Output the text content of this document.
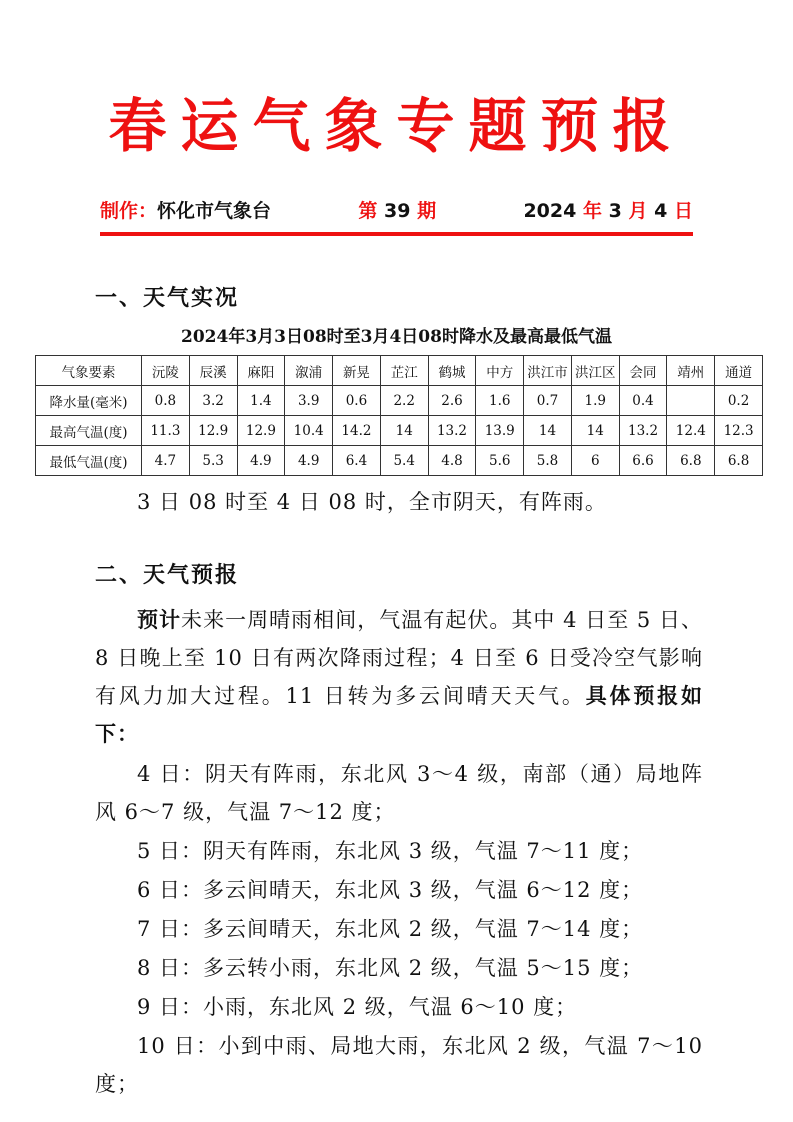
春运气象专题预报
制作：怀化市气象台	第 39 期	2024 年 3 月 4 日
一、天气实况
2024年3月3日08时至3月4日08时降水及最高最低气温
气象要素	沅陵	辰溪	麻阳	溆浦	新晃	芷江	鹤城	中方	洪江市	洪江区	会同	靖州	通道
降水量(毫米)	0.8	3.2	1.4	3.9	0.6	2.2	2.6	1.6	0.7	1.9	0.4		0.2
最高气温(度)	11.3	12.9	12.9	10.4	14.2	14	13.2	13.9	14	14	13.2	12.4	12.3
最低气温(度)	4.7	5.3	4.9	4.9	6.4	5.4	4.8	5.6	5.8	6	6.6	6.8	6.8
3 日 08 时至 4 日 08 时，全市阴天，有阵雨。
二、天气预报
预计未来一周晴雨相间，气温有起伏。其中 4 日至 5 日、8 日晚上至 10 日有两次降雨过程；4 日至 6 日受冷空气影响有风力加大过程。11 日转为多云间晴天天气。具体预报如下：

4 日：阴天有阵雨，东北风 3～4 级，南部（通）局地阵风 6～7 级，气温 7～12 度；

5 日：阴天有阵雨，东北风 3 级，气温 7～11 度；

6 日：多云间晴天，东北风 3 级，气温 6～12 度；

7 日：多云间晴天，东北风 2 级，气温 7～14 度；

8 日：多云转小雨，东北风 2 级，气温 5～15 度；

9 日：小雨，东北风 2 级，气温 6～10 度；

10 日：小到中雨、局地大雨，东北风 2 级，气温 7～10 度；
